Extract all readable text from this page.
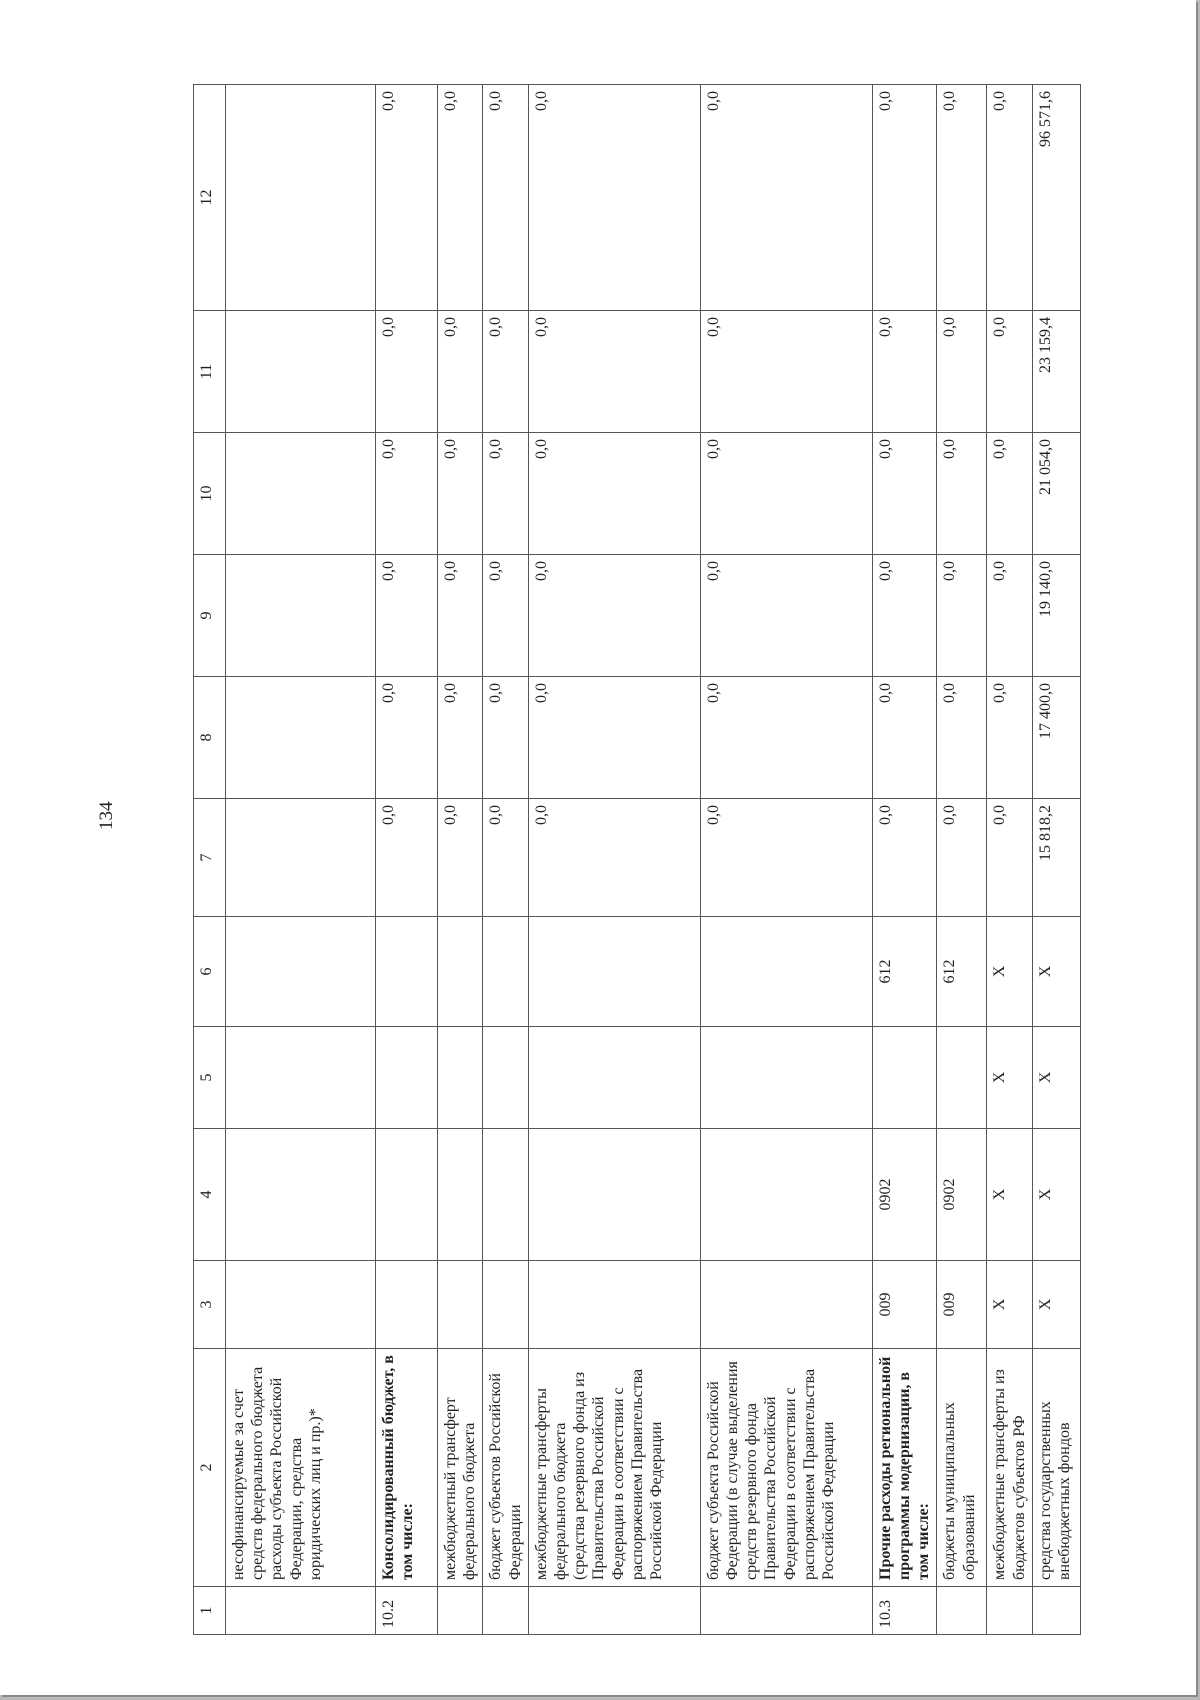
134
1	2	3	4	5	6	7	8	9	10	11	12
	несофинансируемые за счет средств федерального бюджета расходы субъекта Российской Федерации, средства юридических лиц и пр.)*										
10.2	Консолидированный бюджет, в том числе:					0,0	0,0	0,0	0,0	0,0	0,0
	межбюджетный трансферт федерального бюджета					0,0	0,0	0,0	0,0	0,0	0,0
	бюджет субъектов Российской Федерации					0,0	0,0	0,0	0,0	0,0	0,0
	межбюджетные трансферты федерального бюджета (средства резервного фонда из Правительства Российской Федерации в соответствии с распоряжением Правительства Российской Федерации					0,0	0,0	0,0	0,0	0,0	0,0
	бюджет субъекта Российской Федерации (в случае выделения средств резервного фонда Правительства Российской Федерации в соответствии с распоряжением Правительства Российской Федерации					0,0	0,0	0,0	0,0	0,0	0,0
10.3	Прочие расходы региональной программы модернизации, в том числе:	009	0902		612	0,0	0,0	0,0	0,0	0,0	0,0
	бюджеты муниципальных образований	009	0902		612	0,0	0,0	0,0	0,0	0,0	0,0
	межбюджетные трансферты из бюджетов субъектов РФ	X	X	X	X	0,0	0,0	0,0	0,0	0,0	0,0
	средства государственных внебюджетных фондов	X	X	X	X	15 818,2	17 400,0	19 140,0	21 054,0	23 159,4	96 571,6
